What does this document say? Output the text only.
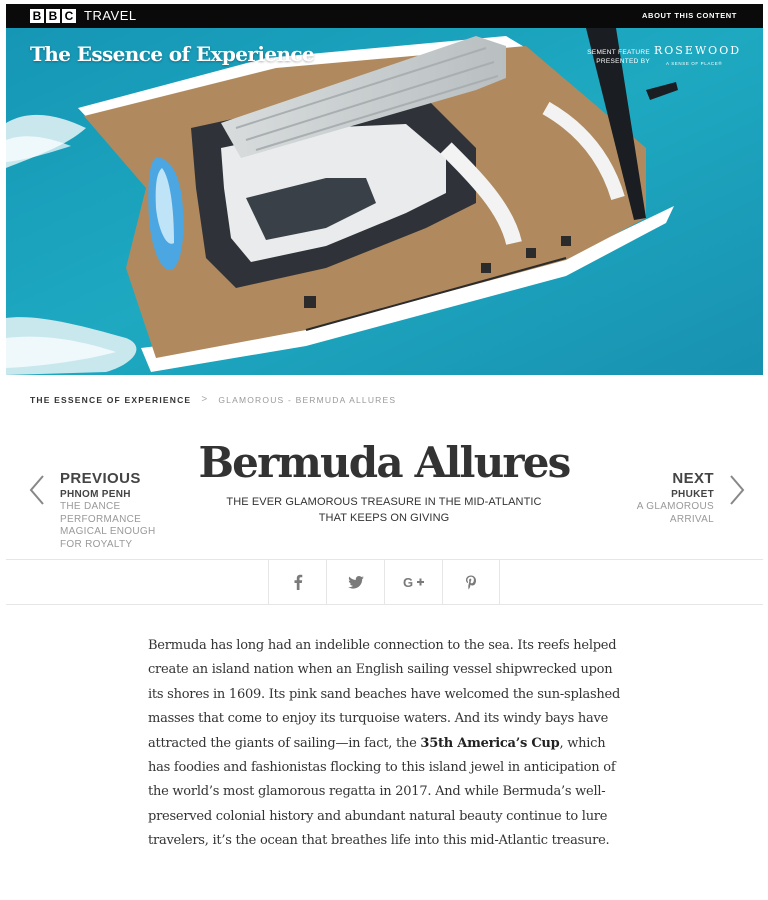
B B C TRAVEL	ABOUT THIS CONTENT
The Essence of Experience	SEMENT FEATURE PRESENTED BY
ROSEWOOD
A SENSE OF PLACE®
THE ESSENCE OF EXPERIENCE > GLAMOROUS - BERMUDA ALLURES
PREVIOUS
PHNOM PENH
THE DANCE PERFORMANCE MAGICAL ENOUGH FOR ROYALTY
Bermuda Allures
THE EVER GLAMOROUS TREASURE IN THE MID-ATLANTIC THAT KEEPS ON GIVING
NEXT
PHUKET
A GLAMOROUS ARRIVAL
G
Bermuda has long had an indelible connection to the sea. Its reefs helped create an island nation when an English sailing vessel shipwrecked upon its shores in 1609. Its pink sand beaches have welcomed the sun-splashed masses that come to enjoy its turquoise waters. And its windy bays have attracted the giants of sailing—in fact, the 35th America’s Cup, which has foodies and fashionistas flocking to this island jewel in anticipation of the world’s most glamorous regatta in 2017. And while Bermuda’s well-preserved colonial history and abundant natural beauty continue to lure travelers, it’s the ocean that breathes life into this mid-Atlantic treasure.
